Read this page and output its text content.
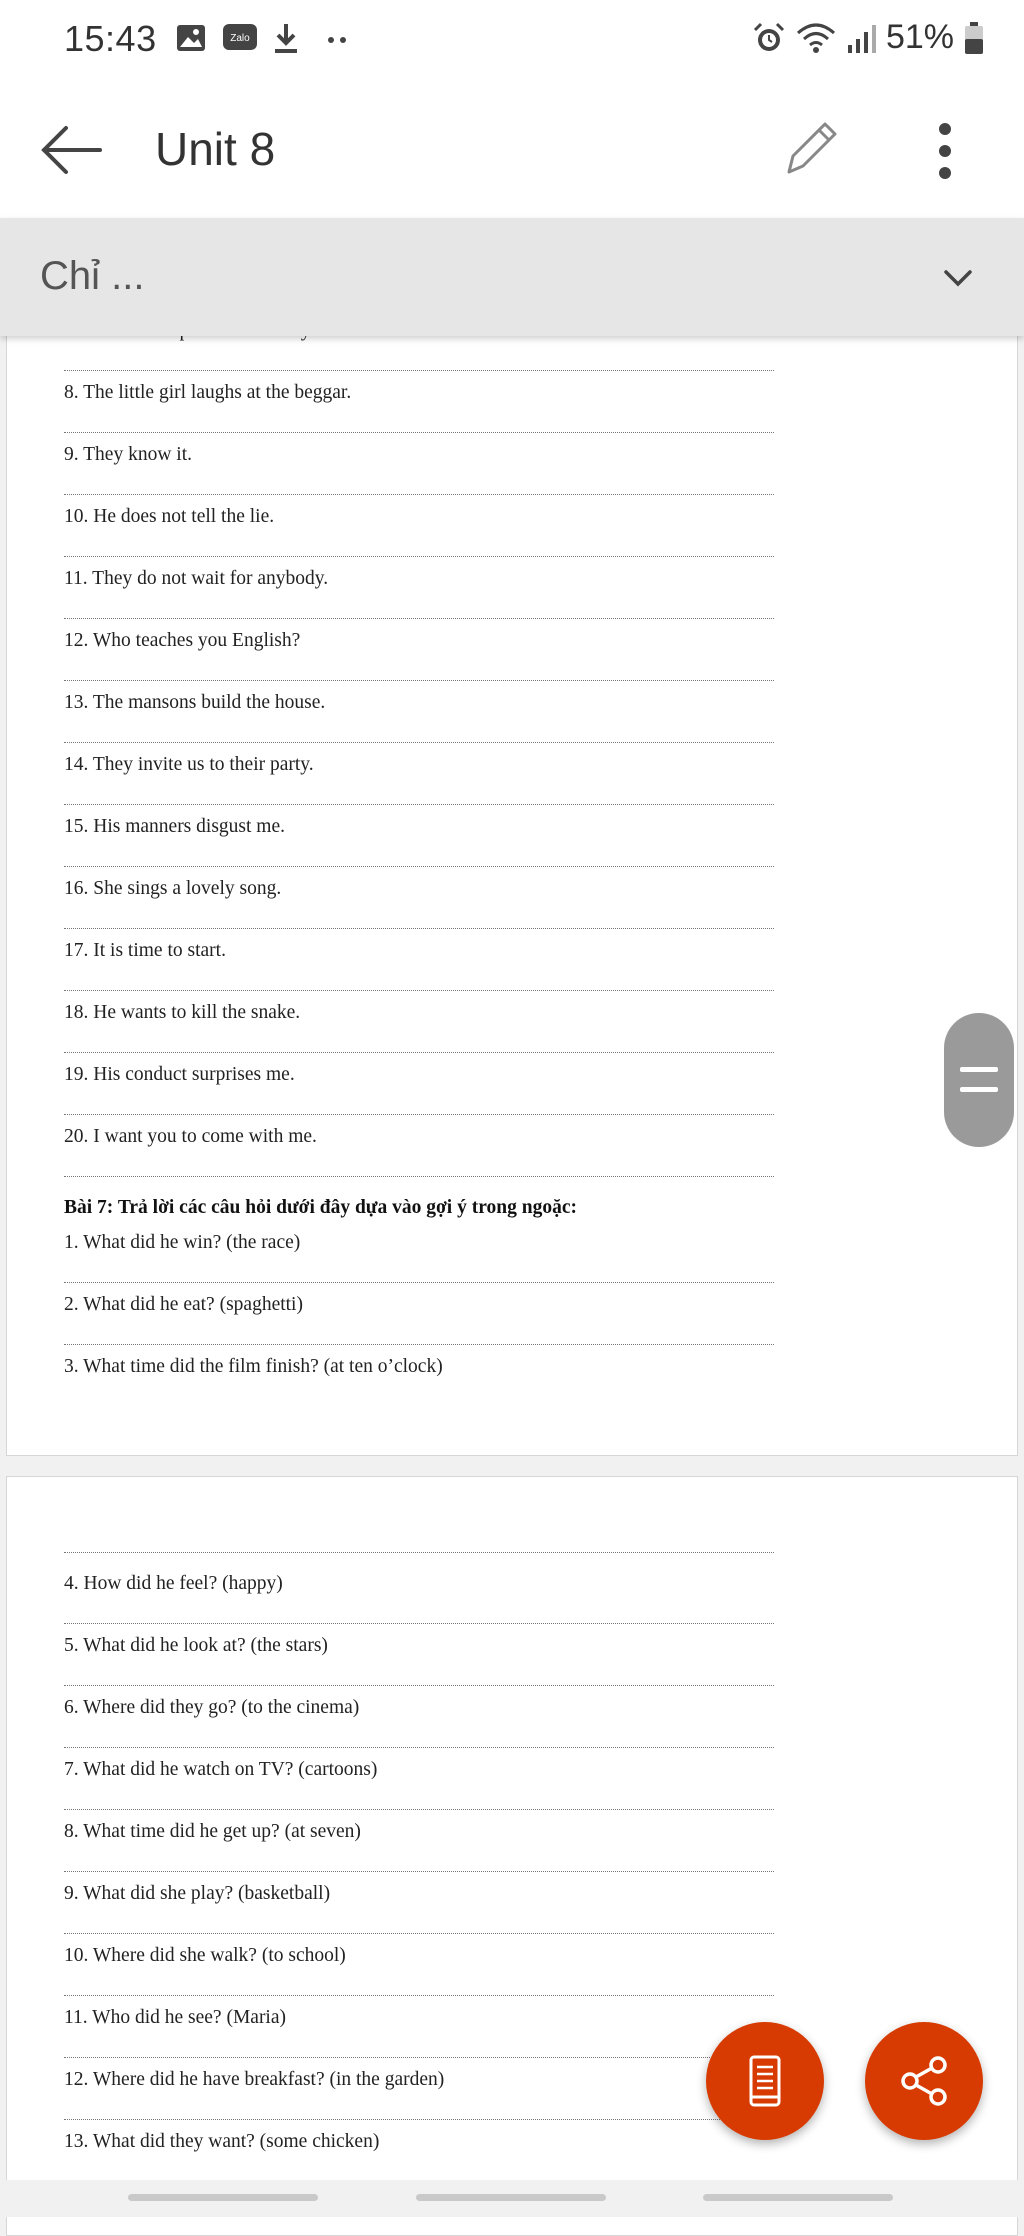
15:43	Zalo	51%
Unit 8
Chỉ ...
8. The little girl laughs at the beggar.
9. They know it.
10. He does not tell the lie.
11. They do not wait for anybody.
12. Who teaches you English?
13. The mansons build the house.
14. They invite us to their party.
15. His manners disgust me.
16. She sings a lovely song.
17. It is time to start.
18. He wants to kill the snake.
19. His conduct surprises me.
20. I want you to come with me.
Bài 7: Trả lời các câu hỏi dưới đây dựa vào gợi ý trong ngoặc:
1. What did he win? (the race)
2. What did he eat? (spaghetti)
3. What time did the film finish? (at ten o’clock)
4. How did he feel? (happy)
5. What did he look at? (the stars)
6. Where did they go? (to the cinema)
7. What did he watch on TV? (cartoons)
8. What time did he get up? (at seven)
9. What did she play? (basketball)
10. Where did she walk? (to school)
11. Who did he see? (Maria)
12. Where did he have breakfast? (in the garden)
13. What did they want? (some chicken)
